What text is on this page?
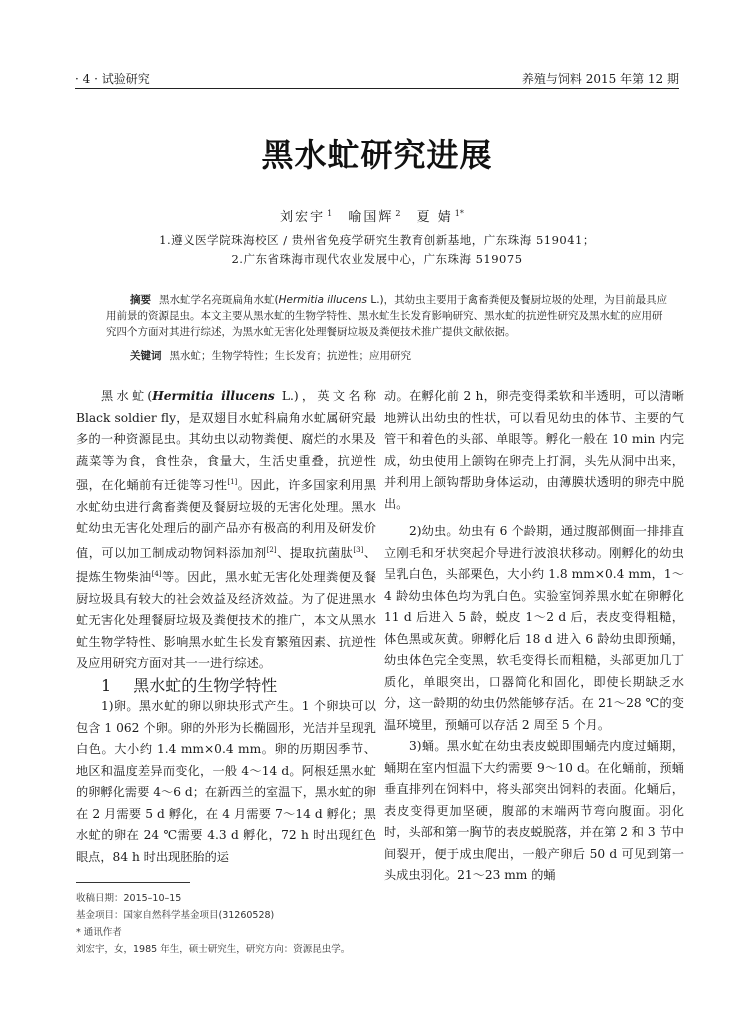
· 4 · 试验研究	养殖与饲料 2015 年第 12 期
黑水虻研究进展
刘宏宇 $^1$ 喻国辉 $^2$ 夏 婧 $^{1*}$
1.遵义医学院珠海校区 / 贵州省免疫学研究生教育创新基地，广东珠海 519041；
2.广东省珠海市现代农业发展中心，广东珠海 519075
摘要 黑水虻学名亮斑扁角水虻(Hermitia illucens L.)，其幼虫主要用于禽畜粪便及餐厨垃圾的处理，为目前最具应用前景的资源昆虫。本文主要从黑水虻的生物学特性、黑水虻生长发育影响研究、黑水虻的抗逆性研究及黑水虻的应用研究四个方面对其进行综述，为黑水虻无害化处理餐厨垃圾及粪便技术推广提供文献依据。
关键词 黑水虻；生物学特性；生长发育；抗逆性；应用研究

黑水虻(Hermitia illucens L.)，英文名称 Black soldier fly，是双翅目水虻科扁角水虻属研究最多的一种资源昆虫。其幼虫以动物粪便、腐烂的水果及蔬菜等为食，食性杂，食量大，生活史重叠，抗逆性强，在化蛹前有迁徙等习性[1]。因此，许多国家利用黑水虻幼虫进行禽畜粪便及餐厨垃圾的无害化处理。黑水虻幼虫无害化处理后的副产品亦有极高的利用及研发价值，可以加工制成动物饲料添加剂[2]、提取抗菌肽[3]、提炼生物柴油[4]等。因此，黑水虻无害化处理粪便及餐厨垃圾具有较大的社会效益及经济效益。为了促进黑水虻无害化处理餐厨垃圾及粪便技术的推广，本文从黑水虻生物学特性、影响黑水虻生长发育繁殖因素、抗逆性及应用研究方面对其一一进行综述。

1 黑水虻的生物学特性

1)卵。黑水虻的卵以卵块形式产生。1 个卵块可以包含 1 062 个卵。卵的外形为长椭圆形，光洁并呈现乳白色。大小约 1.4 mm×0.4 mm。卵的历期因季节、地区和温度差异而变化，一般 4～14 d。阿根廷黑水虻的卵孵化需要 4～6 d；在新西兰的室温下，黑水虻的卵在 2 月需要 5 d 孵化，在 4 月需要 7～14 d 孵化；黑水虻的卵在 24 ℃需要 4.3 d 孵化，72 h 时出现红色眼点，84 h 时出现胚胎的运

动。在孵化前 2 h，卵壳变得柔软和半透明，可以清晰地辨认出幼虫的性状，可以看见幼虫的体节、主要的气管干和着色的头部、单眼等。孵化一般在 10 min 内完成，幼虫使用上颌钩在卵壳上打洞，头先从洞中出来，并利用上颌钩帮助身体运动，由薄膜状透明的卵壳中脱出。

2)幼虫。幼虫有 6 个龄期，通过腹部侧面一排排直立刚毛和牙状突起介导进行波浪状移动。刚孵化的幼虫呈乳白色，头部栗色，大小约 1.8 mm×0.4 mm，1～4 龄幼虫体色均为乳白色。实验室饲养黑水虻在卵孵化 11 d 后进入 5 龄，蜕皮 1～2 d 后，表皮变得粗糙，体色黑或灰黄。卵孵化后 18 d 进入 6 龄幼虫即预蛹，幼虫体色完全变黑，软毛变得长而粗糙，头部更加几丁质化，单眼突出，口器简化和固化，即使长期缺乏水分，这一龄期的幼虫仍然能够存活。在 21～28 ℃的变温环境里，预蛹可以存活 2 周至 5 个月。

3)蛹。黑水虻在幼虫表皮蜕即围蛹壳内度过蛹期，蛹期在室内恒温下大约需要 9～10 d。在化蛹前，预蛹垂直排列在饲料中，将头部突出饲料的表面。化蛹后，表皮变得更加坚硬，腹部的末端两节弯向腹面。羽化时，头部和第一胸节的表皮蜕脱落，并在第 2 和 3 节中间裂开，便于成虫爬出，一般产卵后 50 d 可见到第一头成虫羽化。21～23 mm 的蛹

收稿日期：2015–10–15
基金项目：国家自然科学基金项目(31260528)
* 通讯作者
刘宏宇，女，1985 年生，硕士研究生，研究方向：资源昆虫学。
